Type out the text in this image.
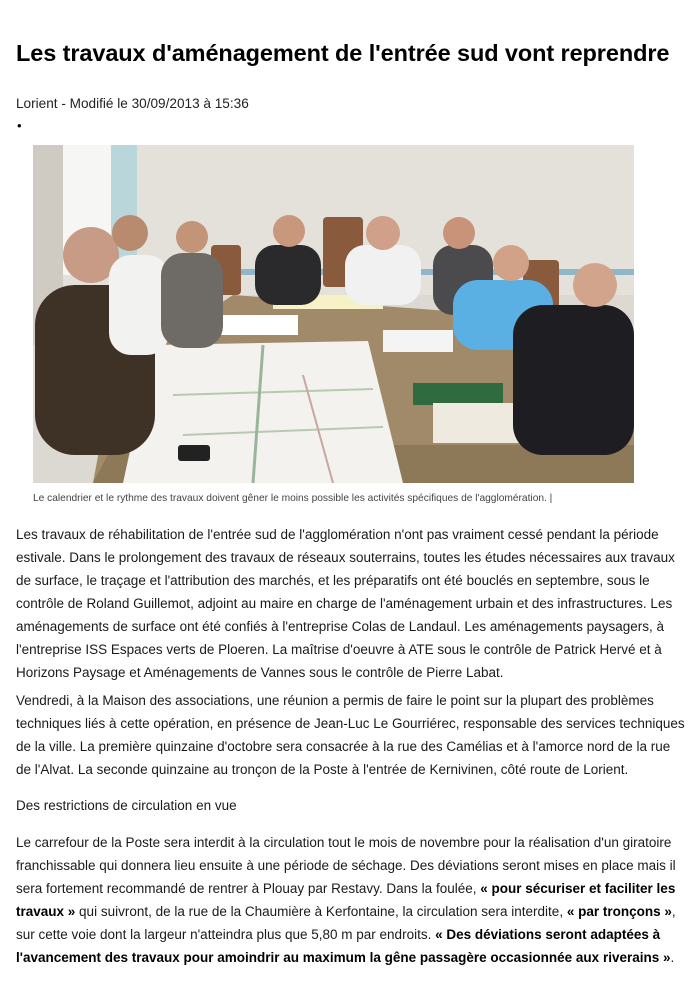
Les travaux d'aménagement de l'entrée sud vont reprendre
Lorient - Modifié le 30/09/2013 à 15:36
•
Le calendrier et le rythme des travaux doivent gêner le moins possible les activités spécifiques de l'agglomération. |

Les travaux de réhabilitation de l'entrée sud de l'agglomération n'ont pas vraiment cessé pendant la période estivale. Dans le prolongement des travaux de réseaux souterrains, toutes les études nécessaires aux travaux de surface, le traçage et l'attribution des marchés, et les préparatifs ont été bouclés en septembre, sous le contrôle de Roland Guillemot, adjoint au maire en charge de l'aménagement urbain et des infrastructures. Les aménagements de surface ont été confiés à l'entreprise Colas de Landaul. Les aménagements paysagers, à l'entreprise ISS Espaces verts de Ploeren. La maîtrise d'oeuvre à ATE sous le contrôle de Patrick Hervé et à Horizons Paysage et Aménagements de Vannes sous le contrôle de Pierre Labat.

Vendredi, à la Maison des associations, une réunion a permis de faire le point sur la plupart des problèmes techniques liés à cette opération, en présence de Jean-Luc Le Gourriérec, responsable des services techniques de la ville. La première quinzaine d'octobre sera consacrée à la rue des Camélias et à l'amorce nord de la rue de l'Alvat. La seconde quinzaine au tronçon de la Poste à l'entrée de Kernivinen, côté route de Lorient.

Des restrictions de circulation en vue

Le carrefour de la Poste sera interdit à la circulation tout le mois de novembre pour la réalisation d'un giratoire franchissable qui donnera lieu ensuite à une période de séchage. Des déviations seront mises en place mais il sera fortement recommandé de rentrer à Plouay par Restavy. Dans la foulée, « pour sécuriser et faciliter les travaux » qui suivront, de la rue de la Chaumière à Kerfontaine, la circulation sera interdite, « par tronçons », sur cette voie dont la largeur n'atteindra plus que 5,80 m par endroits. « Des déviations seront adaptées à l'avancement des travaux pour amoindrir au maximum la gêne passagère occasionnée aux riverains ».
